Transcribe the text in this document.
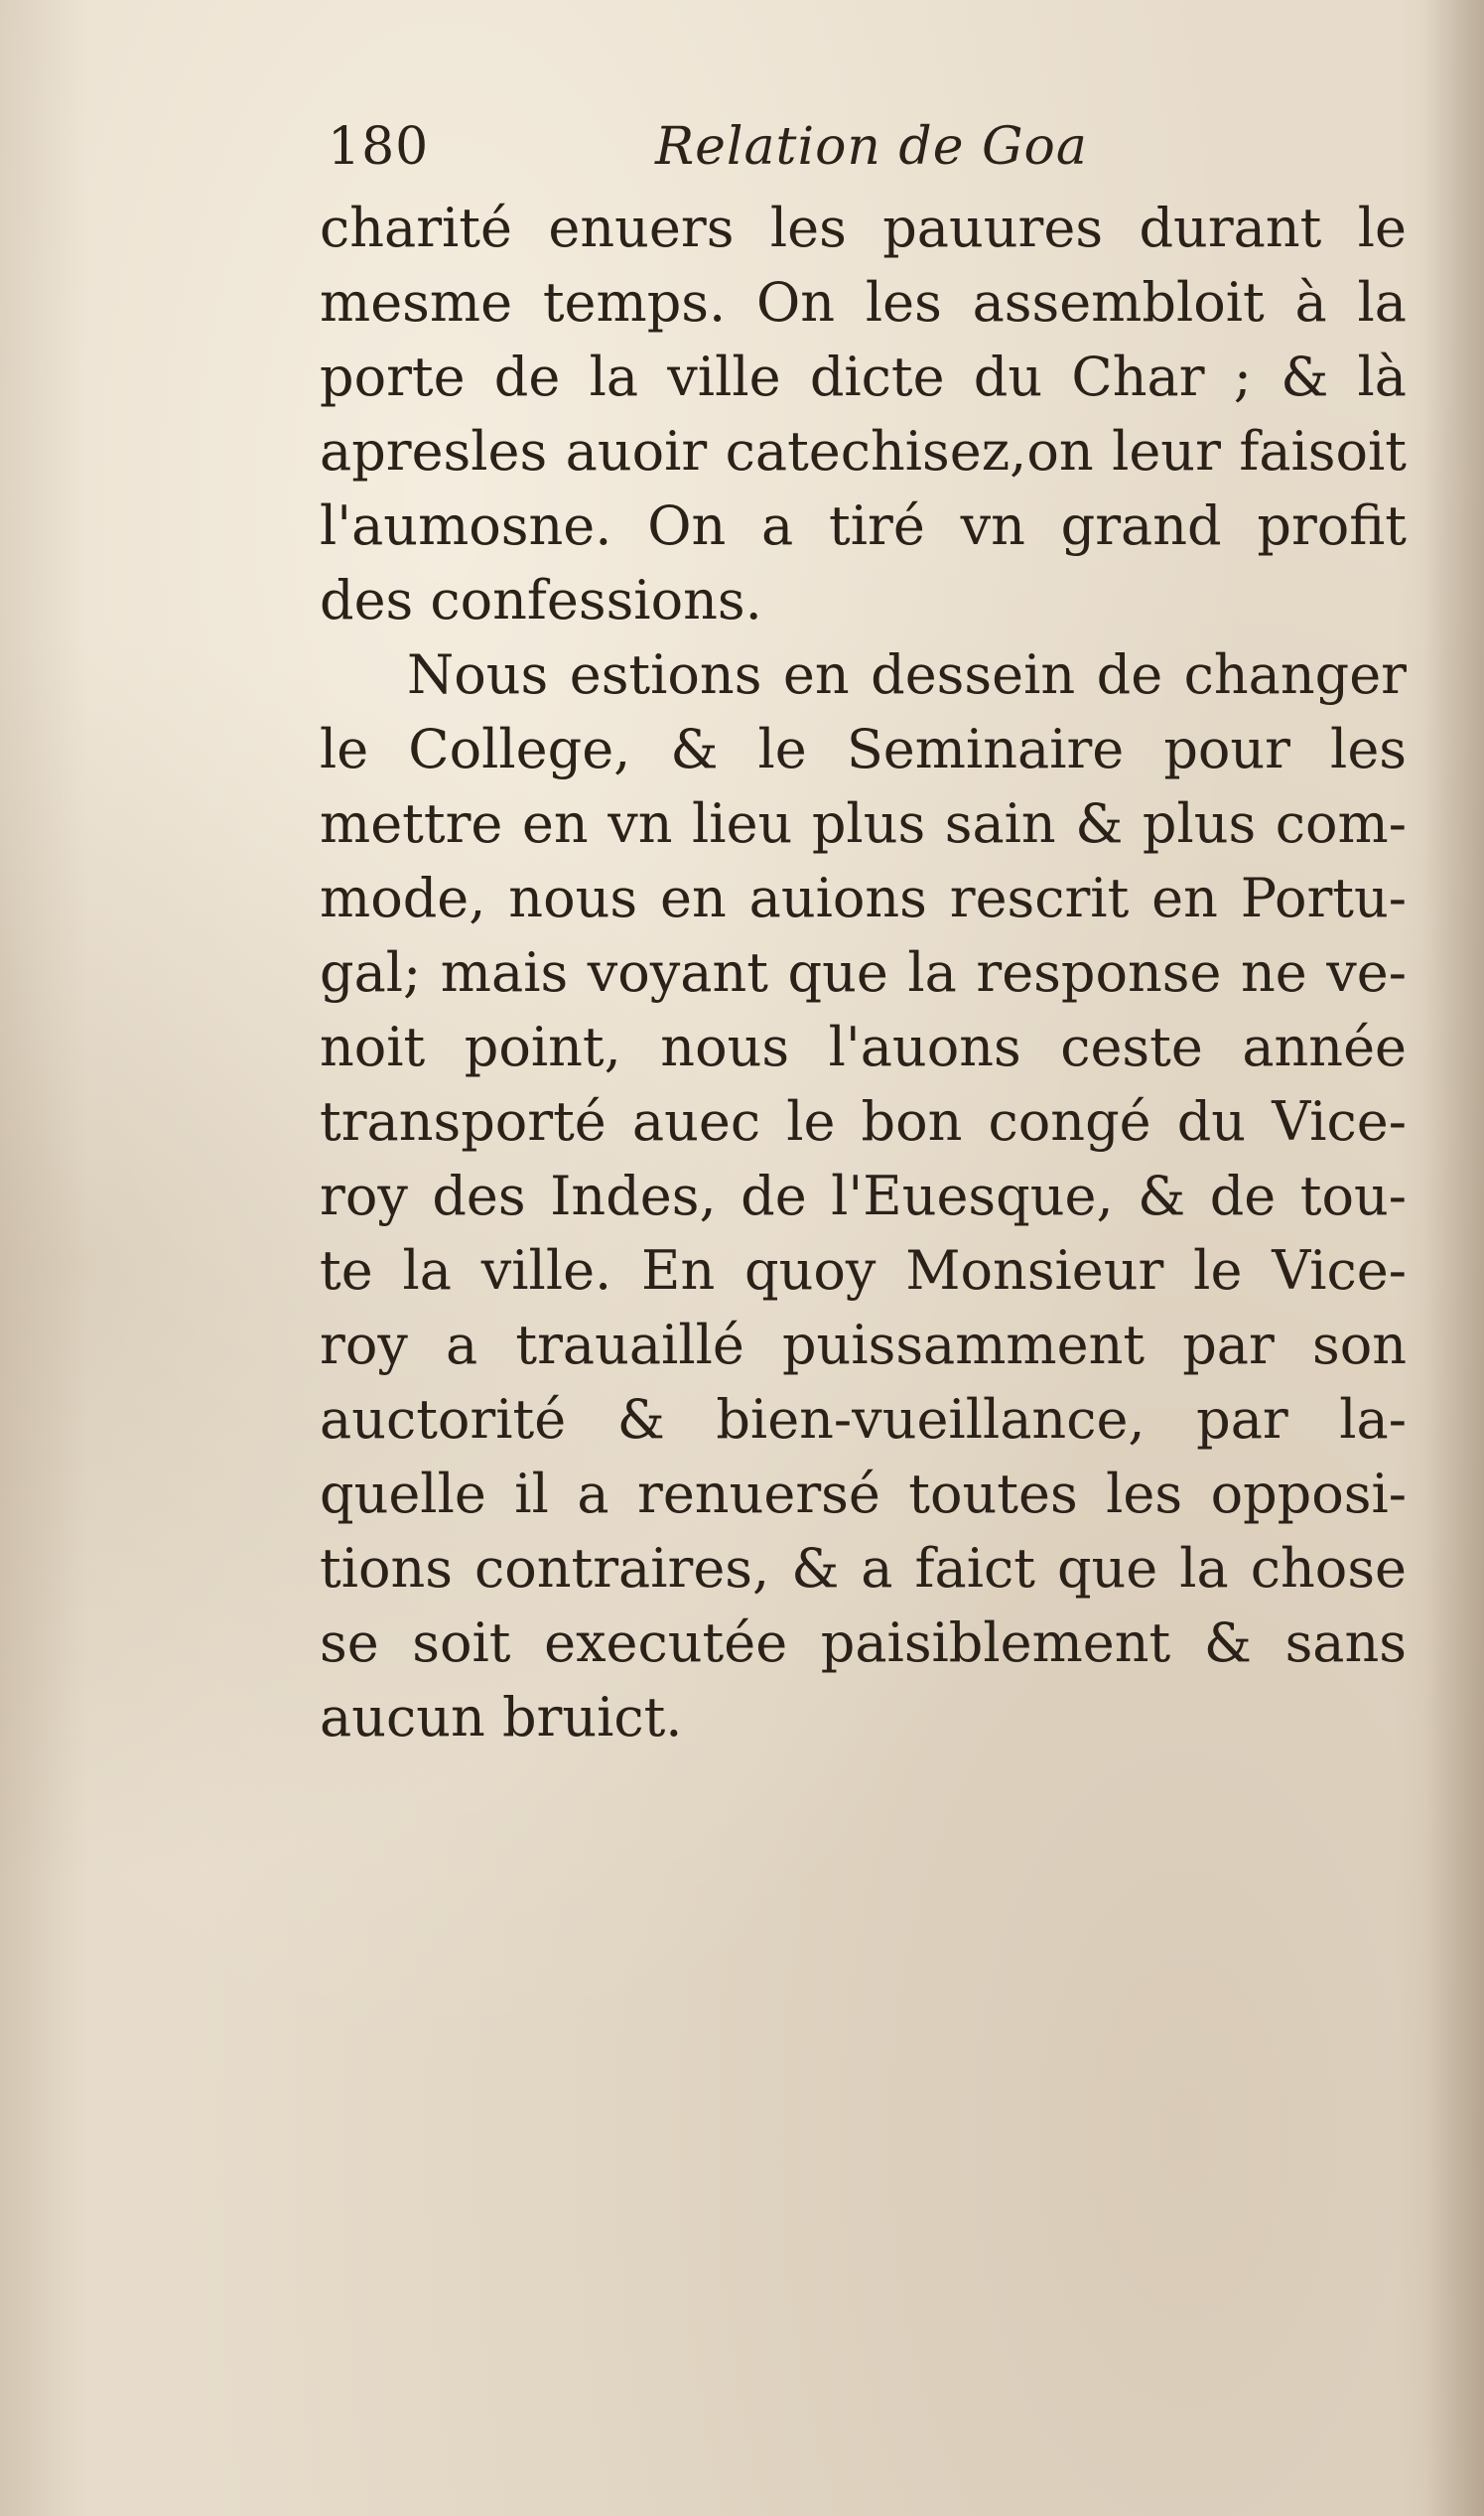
180	Relation de Goa
charité enuers les pauures durant le
mesme temps. On les assembloit à la
porte de la ville dicte du Char ; & là
apresles auoir catechisez,on leur faisoit
l'aumosne. On a tiré vn grand profit
des confessions.
Nous estions en dessein de changer
le College, & le Seminaire pour les
mettre en vn lieu plus sain & plus com-
mode, nous en auions rescrit en Portu-
gal; mais voyant que la response ne ve-
noit point, nous l'auons ceste année
transporté auec le bon congé du Vice-
roy des Indes, de l'Euesque, & de tou-
te la ville. En quoy Monsieur le Vice-
roy a trauaillé puissamment par son
auctorité & bien-vueillance, par la-
quelle il a renuersé toutes les opposi-
tions contraires, & a faict que la chose
se soit executée paisiblement & sans
aucun bruict.
